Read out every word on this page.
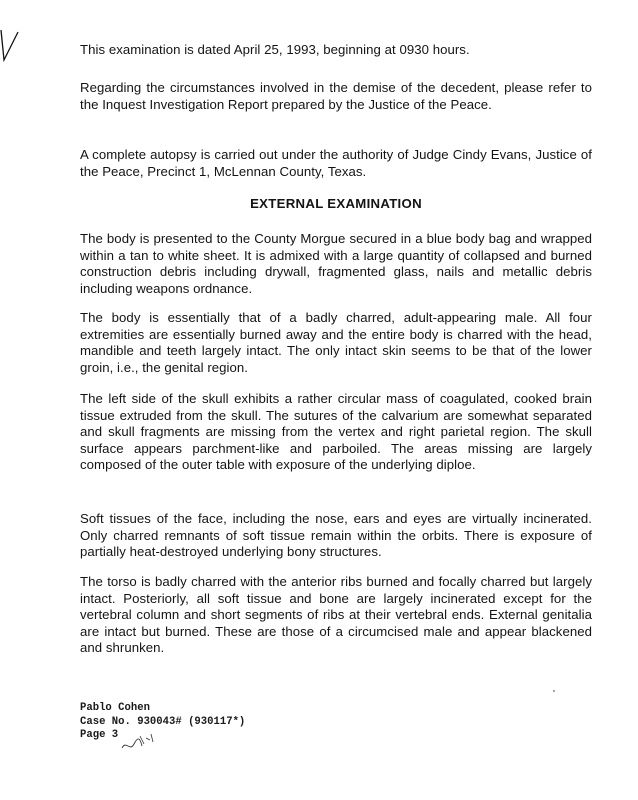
This examination is dated April 25, 1993, beginning at 0930 hours.

Regarding the circumstances involved in the demise of the decedent, please refer to the Inquest Investigation Report prepared by the Justice of the Peace.

A complete autopsy is carried out under the authority of Judge Cindy Evans, Justice of the Peace, Precinct 1, McLennan County, Texas.

EXTERNAL EXAMINATION

The body is presented to the County Morgue secured in a blue body bag and wrapped within a tan to white sheet. It is admixed with a large quantity of collapsed and burned construction debris including drywall, fragmented glass, nails and metallic debris including weapons ordnance.

The body is essentially that of a badly charred, adult-appearing male. All four extremities are essentially burned away and the entire body is charred with the head, mandible and teeth largely intact. The only intact skin seems to be that of the lower groin, i.e., the genital region.

The left side of the skull exhibits a rather circular mass of coagulated, cooked brain tissue extruded from the skull. The sutures of the calvarium are somewhat separated and skull fragments are missing from the vertex and right parietal region. The skull surface appears parchment-like and parboiled. The areas missing are largely composed of the outer table with exposure of the underlying diploe.

Soft tissues of the face, including the nose, ears and eyes are virtually incinerated. Only charred remnants of soft tissue remain within the orbits. There is exposure of partially heat-destroyed underlying bony structures.

The torso is badly charred with the anterior ribs burned and focally charred but largely intact. Posteriorly, all soft tissue and bone are largely incinerated except for the vertebral column and short segments of ribs at their vertebral ends. External genitalia are intact but burned. These are those of a circumcised male and appear blackened and shrunken.

Pablo Cohen
Case No. 930043# (930117*)
Page 3
